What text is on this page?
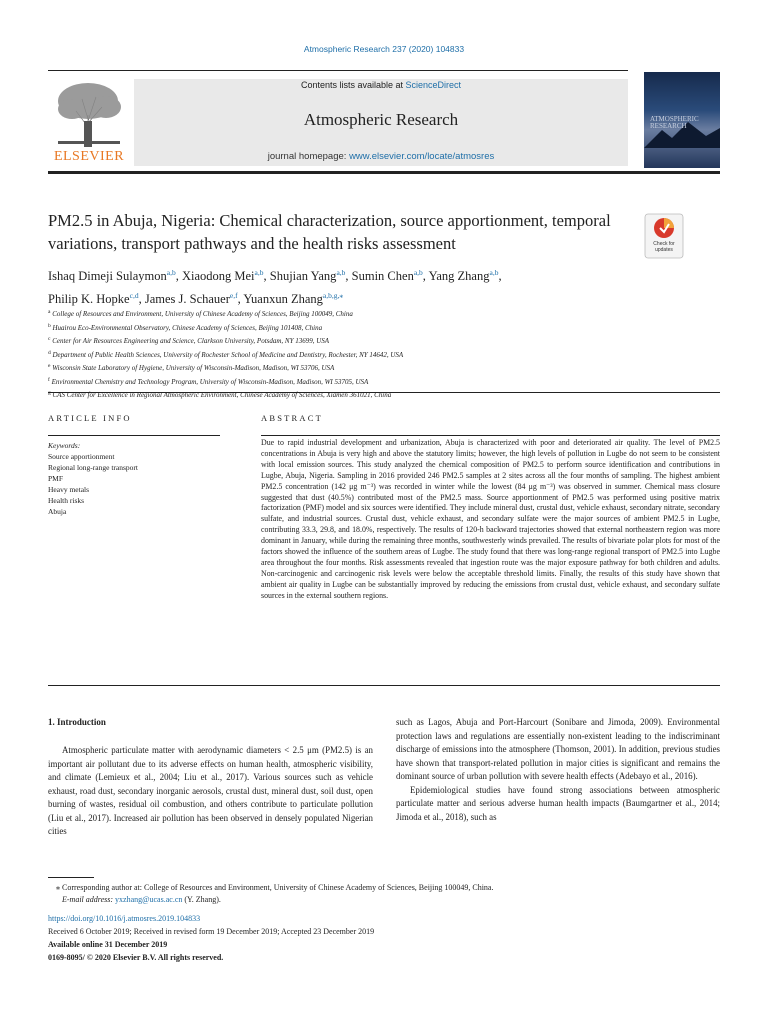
Atmospheric Research 237 (2020) 104833
ELSEVIER
Contents lists available at ScienceDirect
Atmospheric Research
journal homepage: www.elsevier.com/locate/atmosres
ATMOSPHERIC RESEARCH
PM2.5 in Abuja, Nigeria: Chemical characterization, source apportionment, temporal variations, transport pathways and the health risks assessment	Check for updates
Ishaq Dimeji Sulaymon$^{a,b}$, Xiaodong Mei$^{a,b}$, Shujian Yang$^{a,b}$, Sumin Chen$^{a,b}$, Yang Zhang$^{a,b}$,
Philip K. Hopke$^{c,d}$, James J. Schauer$^{e,f}$, Yuanxun Zhang$^{a,b,g,⁎}$
$^a$ College of Resources and Environment, University of Chinese Academy of Sciences, Beijing 100049, China
$^b$ Huairou Eco-Environmental Observatory, Chinese Academy of Sciences, Beijing 101408, China
$^c$ Center for Air Resources Engineering and Science, Clarkson University, Potsdam, NY 13699, USA
$^d$ Department of Public Health Sciences, University of Rochester School of Medicine and Dentistry, Rochester, NY 14642, USA
$^e$ Wisconsin State Laboratory of Hygiene, University of Wisconsin-Madison, Madison, WI 53706, USA
$^f$ Environmental Chemistry and Technology Program, University of Wisconsin-Madison, Madison, WI 53705, USA
$^g$ CAS Center for Excellence in Regional Atmospheric Environment, Chinese Academy of Sciences, Xiamen 361021, China
ARTICLE INFO
Keywords:
Source apportionment
Regional long-range transport
PMF
Heavy metals
Health risks
Abuja
ABSTRACT
Due to rapid industrial development and urbanization, Abuja is characterized with poor and deteriorated air quality. The level of PM2.5 concentrations in Abuja is very high and above the statutory limits; however, the high levels of pollution in Lugbe do not seem to be consistent with local emission sources. This study analyzed the chemical composition of PM2.5 to perform source identification and contributions in Lugbe, Abuja, Nigeria. Sampling in 2016 provided 246 PM2.5 samples at 2 sites across all the four months of sampling. The highest ambient PM2.5 concentration (142 μg m⁻³) was recorded in winter while the lowest (84 μg m⁻³) was observed in summer. Chemical mass closure suggested that dust (40.5%) contributed most of the PM2.5 mass. Source apportionment of PM2.5 was performed using positive matrix factorization (PMF) model and six sources were identified. They include mineral dust, crustal dust, vehicle exhaust, secondary nitrate, secondary sulfate, and industrial sources. Crustal dust, vehicle exhaust, and secondary sulfate were the major sources of ambient PM2.5 in Lugbe, contributing 33.3, 29.8, and 18.0%, respectively. The results of 120-h backward trajectories showed that external northeastern region was more dominant in January, while during the remaining three months, southwesterly winds prevailed. The results of bivariate polar plots for most of the factors showed the influence of the southern areas of Lugbe. The study found that there was long-range regional transport of PM2.5 into Lugbe area throughout the four months. Risk assessments revealed that ingestion route was the major exposure pathway for both children and adults. Non-carcinogenic and carcinogenic risk levels were below the acceptable threshold limits. Finally, the results of this study have shown that ambient air quality in Lugbe can be substantially improved by reducing the emissions from crustal dust, vehicle exhaust, and secondary sulfate sources in the external southern regions.
1. Introduction

Atmospheric particulate matter with aerodynamic diameters < 2.5 μm (PM2.5) is an important air pollutant due to its adverse effects on human health, atmospheric visibility, and climate (Lemieux et al., 2004; Liu et al., 2017). Various sources such as vehicle exhaust, road dust, secondary inorganic aerosols, crustal dust, mineral dust, soil dust, open burning of wastes, residual oil combustion, and others contribute to particulate pollution (Liu et al., 2017). Increased air pollution has been observed in densely populated Nigerian cities

such as Lagos, Abuja and Port-Harcourt (Sonibare and Jimoda, 2009). Environmental protection laws and regulations are essentially non-existent leading to the indiscriminant discharge of emissions into the atmosphere (Thomson, 2001). In addition, previous studies have shown that transport-related pollution in major cities is significant and remains the dominant source of urban pollution with severe health effects (Adebayo et al., 2016).

Epidemiological studies have found strong associations between atmospheric particulate matter and serious adverse human health impacts (Baumgartner et al., 2014; Jimoda et al., 2018), such as

⁎ Corresponding author at: College of Resources and Environment, University of Chinese Academy of Sciences, Beijing 100049, China.

E-mail address: yxzhang@ucas.ac.cn (Y. Zhang).

https://doi.org/10.1016/j.atmosres.2019.104833
Received 6 October 2019; Received in revised form 19 December 2019; Accepted 23 December 2019
Available online 31 December 2019
0169-8095/ © 2020 Elsevier B.V. All rights reserved.
